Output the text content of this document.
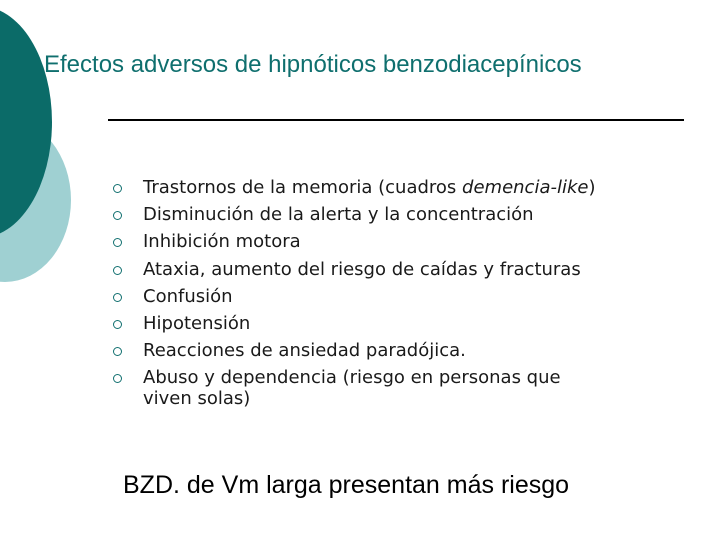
Efectos adversos de hipnóticos benzodiacepínicos
Trastornos de la memoria (cuadros demencia-like)
Disminución de la alerta y la concentración
Inhibición motora
Ataxia, aumento del riesgo de caídas y fracturas
Confusión
Hipotensión
Reacciones de ansiedad paradójica.
Abuso y dependencia (riesgo en personas que
viven solas)
BZD. de Vm larga presentan más riesgo
